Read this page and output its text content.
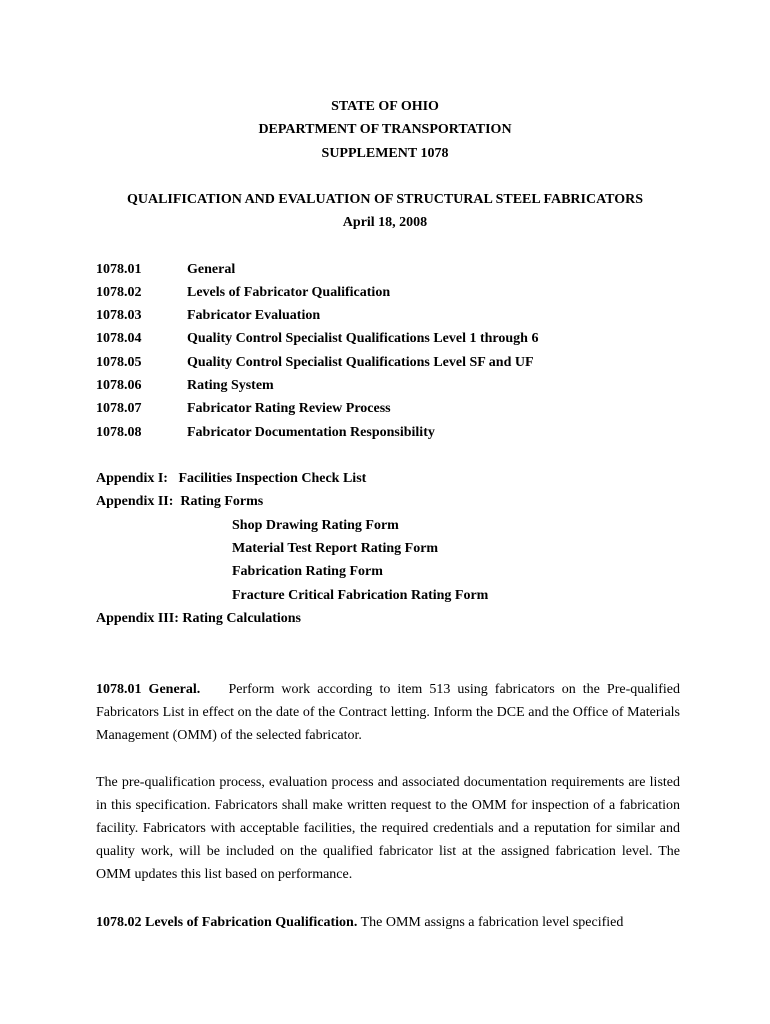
STATE OF OHIO
DEPARTMENT OF TRANSPORTATION
SUPPLEMENT 1078
QUALIFICATION AND EVALUATION OF STRUCTURAL STEEL FABRICATORS
April 18, 2008
1078.01	General
1078.02	Levels of Fabricator Qualification
1078.03	Fabricator Evaluation
1078.04	Quality Control Specialist Qualifications Level 1 through 6
1078.05	Quality Control Specialist Qualifications Level SF and UF
1078.06	Rating System
1078.07	Fabricator Rating Review Process
1078.08	Fabricator Documentation Responsibility
Appendix I:   Facilities Inspection Check List
Appendix II:  Rating Forms
Shop Drawing Rating Form
Material Test Report Rating Form
Fabrication Rating Form
Fracture Critical Fabrication Rating Form
Appendix III: Rating Calculations
1078.01 General. Perform work according to item 513 using fabricators on the Pre-qualified Fabricators List in effect on the date of the Contract letting. Inform the DCE and the Office of Materials Management (OMM) of the selected fabricator.
The pre-qualification process, evaluation process and associated documentation requirements are listed in this specification. Fabricators shall make written request to the OMM for inspection of a fabrication facility. Fabricators with acceptable facilities, the required credentials and a reputation for similar and quality work, will be included on the qualified fabricator list at the assigned fabrication level. The OMM updates this list based on performance.
1078.02 Levels of Fabrication Qualification. The OMM assigns a fabrication level specified
